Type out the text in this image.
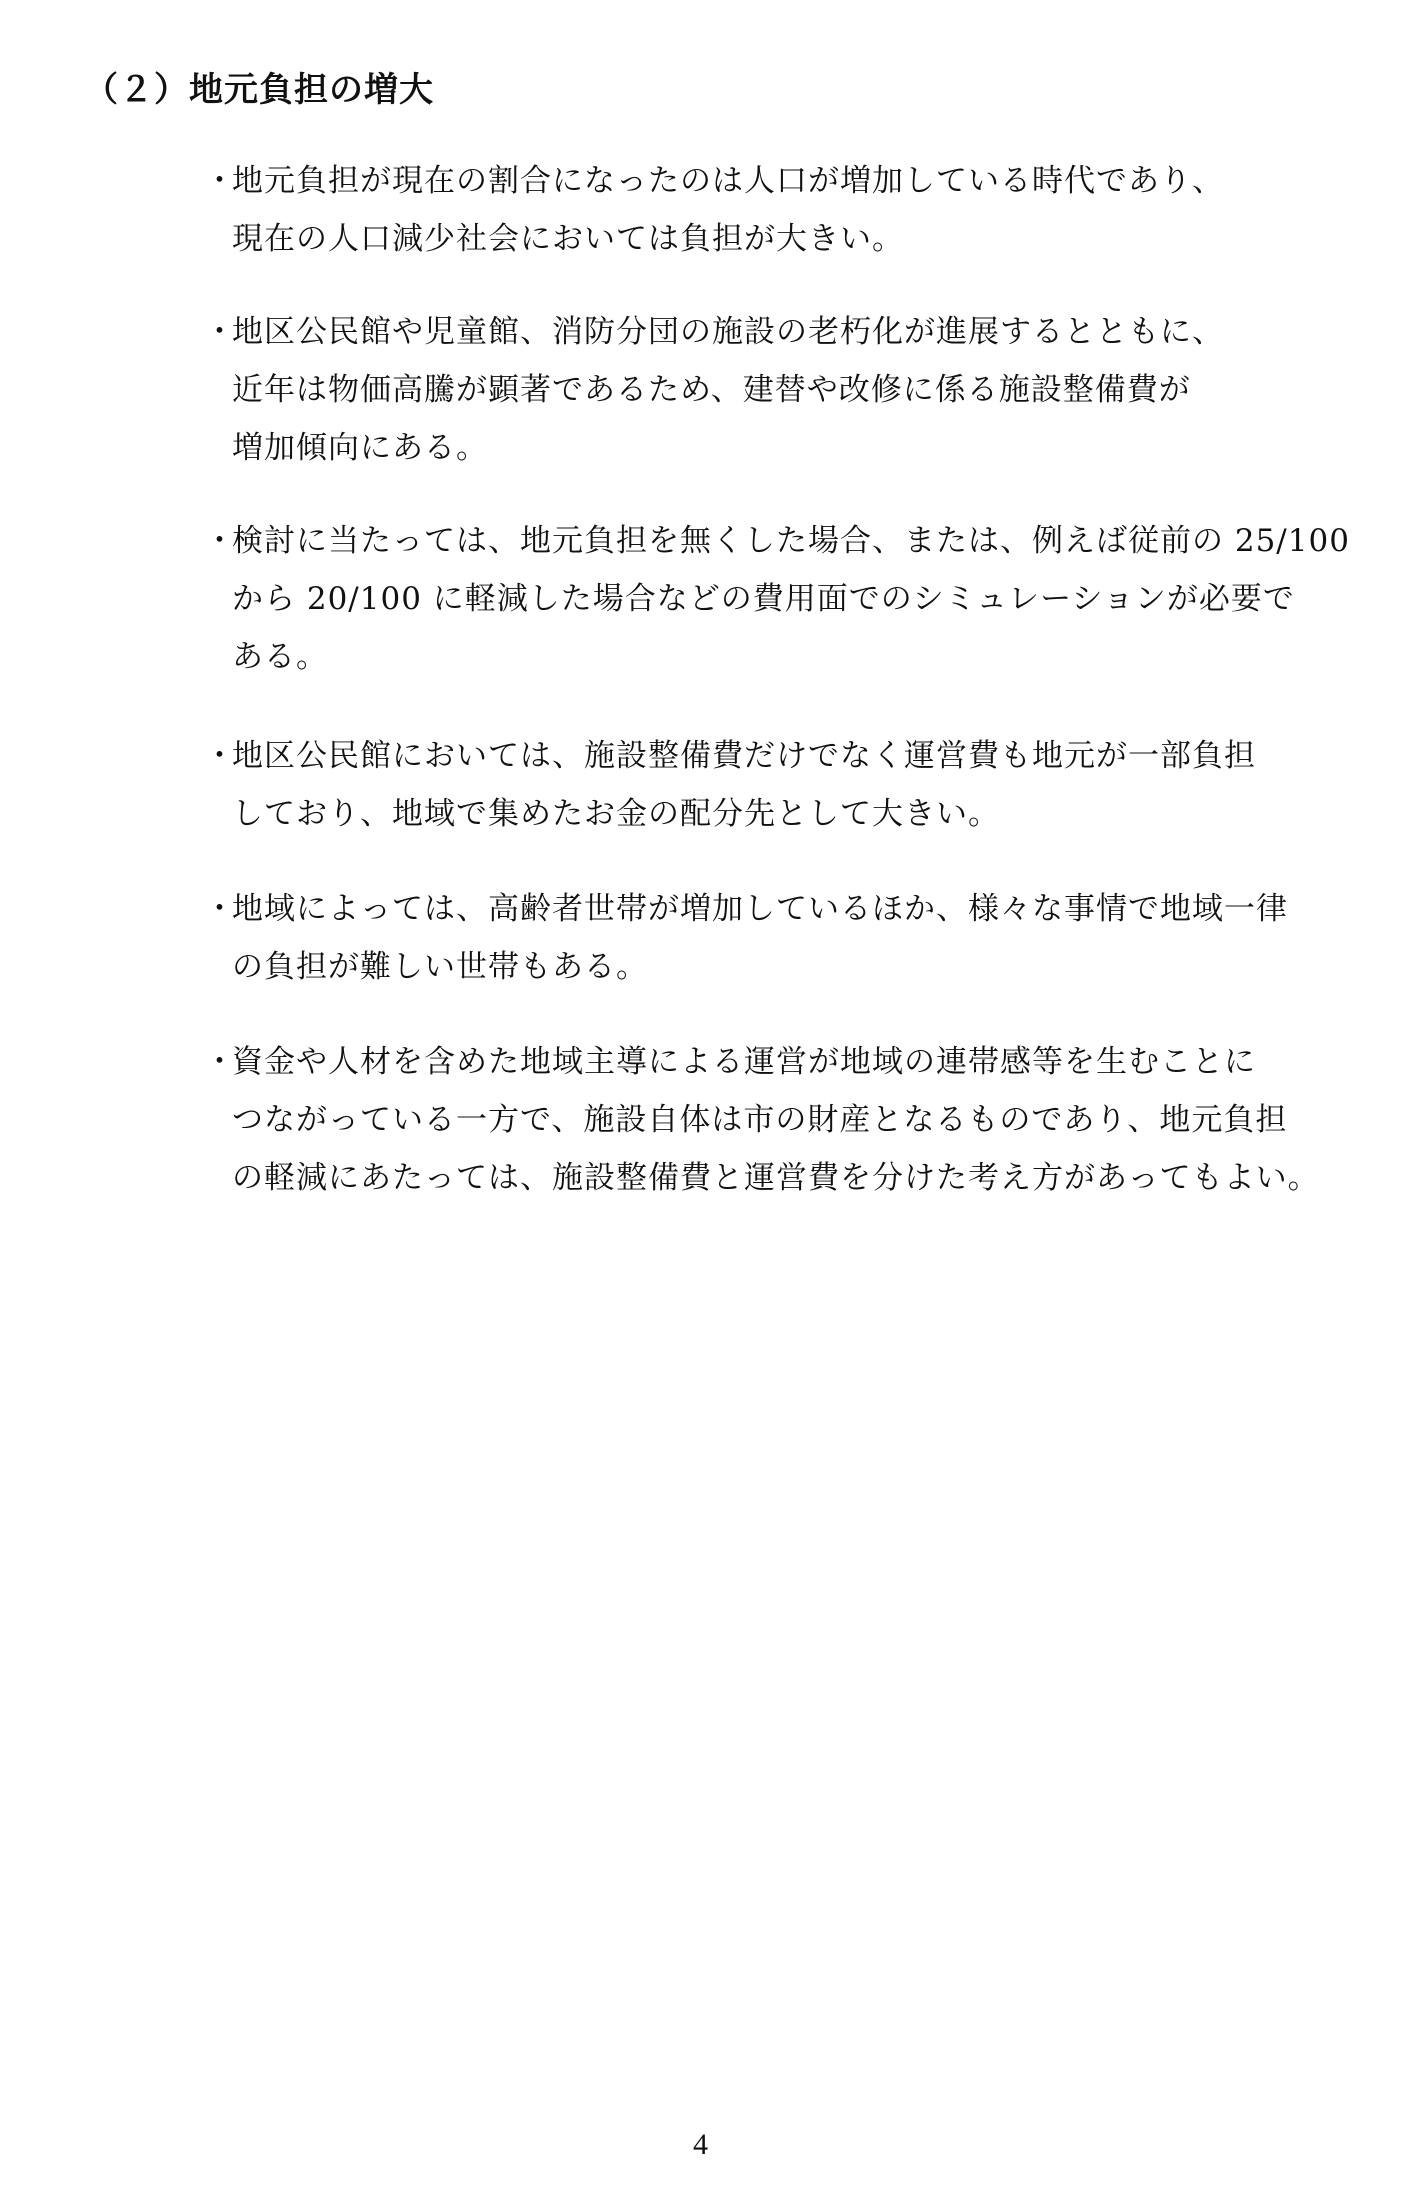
（２）地元負担の増大
・地元負担が現在の割合になったのは人口が増加している時代であり、
現在の人口減少社会においては負担が大きい。
・地区公民館や児童館、消防分団の施設の老朽化が進展するとともに、
近年は物価高騰が顕著であるため、建替や改修に係る施設整備費が
増加傾向にある。
・検討に当たっては、地元負担を無くした場合、または、例えば従前の 25/100
から 20/100 に軽減した場合などの費用面でのシミュレーションが必要で
ある。
・地区公民館においては、施設整備費だけでなく運営費も地元が一部負担
しており、地域で集めたお金の配分先として大きい。
・地域によっては、高齢者世帯が増加しているほか、様々な事情で地域一律
の負担が難しい世帯もある。
・資金や人材を含めた地域主導による運営が地域の連帯感等を生むことに
つながっている一方で、施設自体は市の財産となるものであり、地元負担
の軽減にあたっては、施設整備費と運営費を分けた考え方があってもよい。
4
